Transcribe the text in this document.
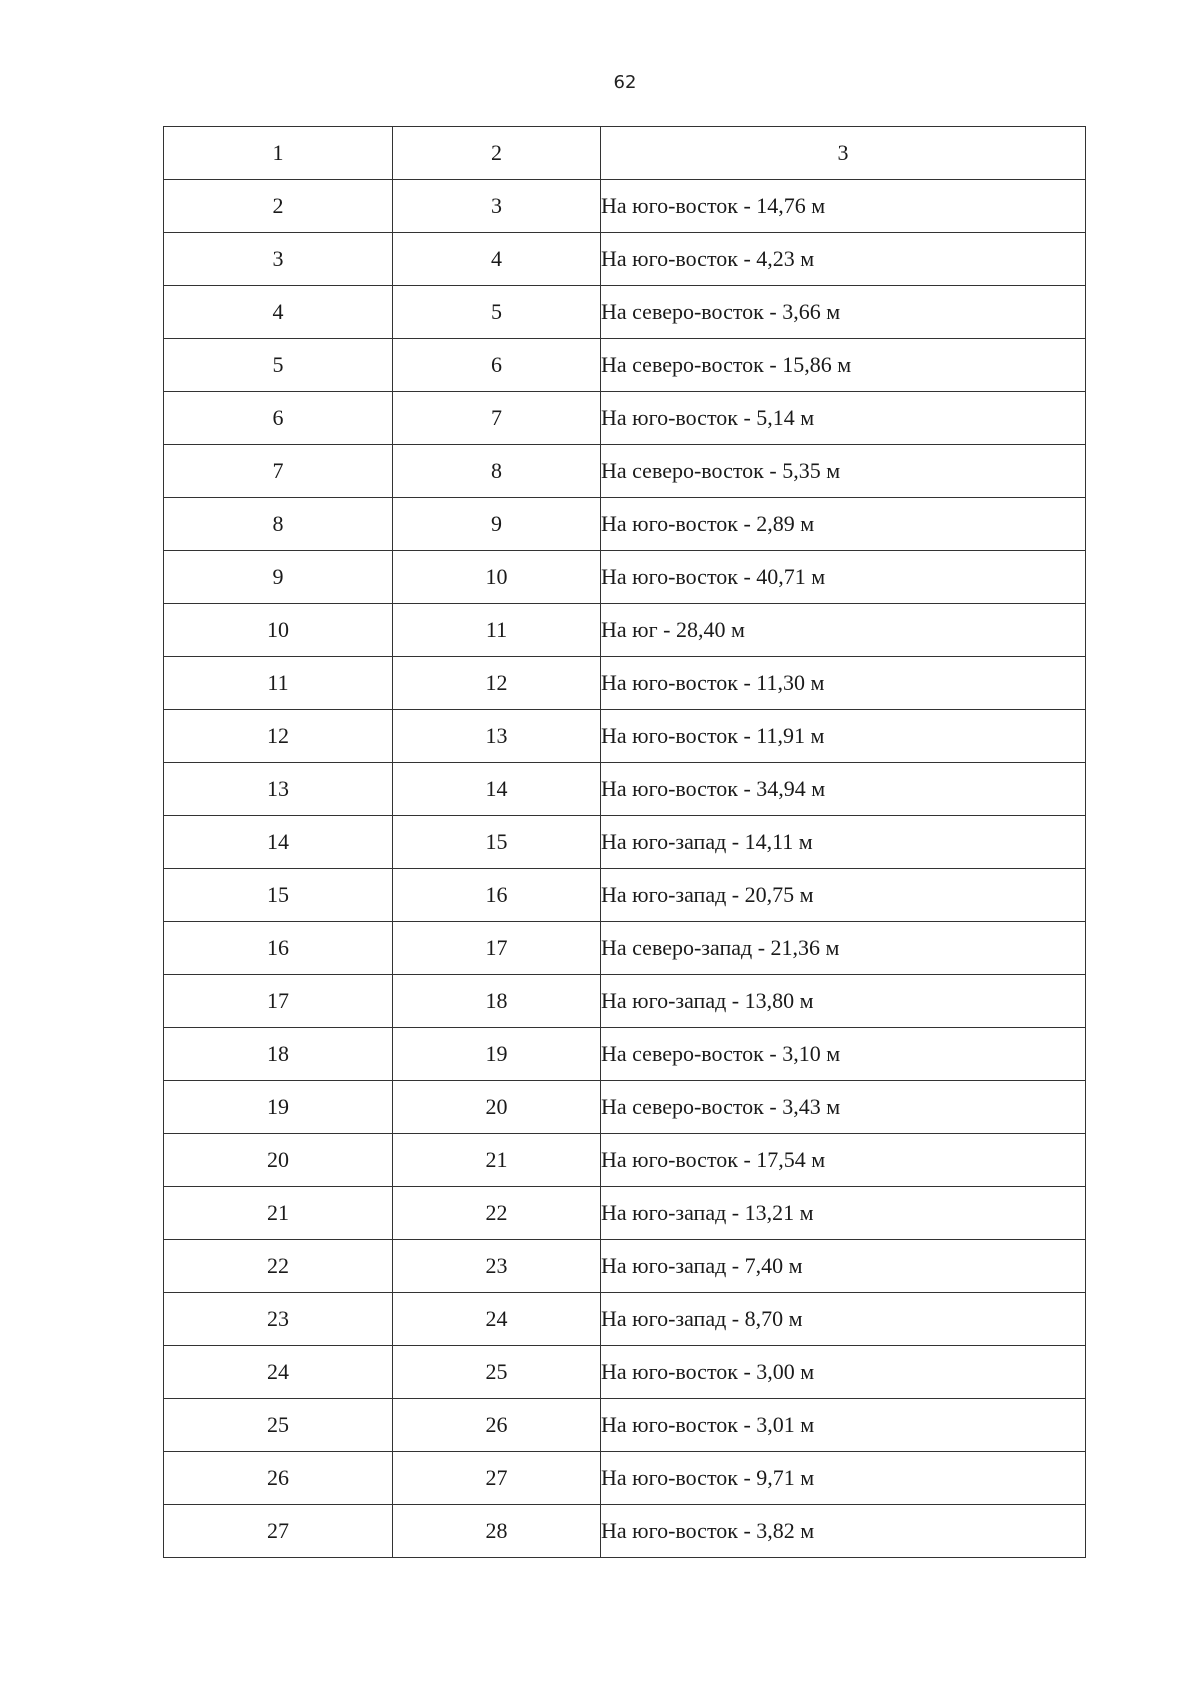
62
1	2	3
2	3	На юго-восток - 14,76 м
3	4	На юго-восток - 4,23 м
4	5	На северо-восток - 3,66 м
5	6	На северо-восток - 15,86 м
6	7	На юго-восток - 5,14 м
7	8	На северо-восток - 5,35 м
8	9	На юго-восток - 2,89 м
9	10	На юго-восток - 40,71 м
10	11	На юг - 28,40 м
11	12	На юго-восток - 11,30 м
12	13	На юго-восток - 11,91 м
13	14	На юго-восток - 34,94 м
14	15	На юго-запад - 14,11 м
15	16	На юго-запад - 20,75 м
16	17	На северо-запад - 21,36 м
17	18	На юго-запад - 13,80 м
18	19	На северо-восток - 3,10 м
19	20	На северо-восток - 3,43 м
20	21	На юго-восток - 17,54 м
21	22	На юго-запад - 13,21 м
22	23	На юго-запад - 7,40 м
23	24	На юго-запад - 8,70 м
24	25	На юго-восток - 3,00 м
25	26	На юго-восток - 3,01 м
26	27	На юго-восток - 9,71 м
27	28	На юго-восток - 3,82 м
